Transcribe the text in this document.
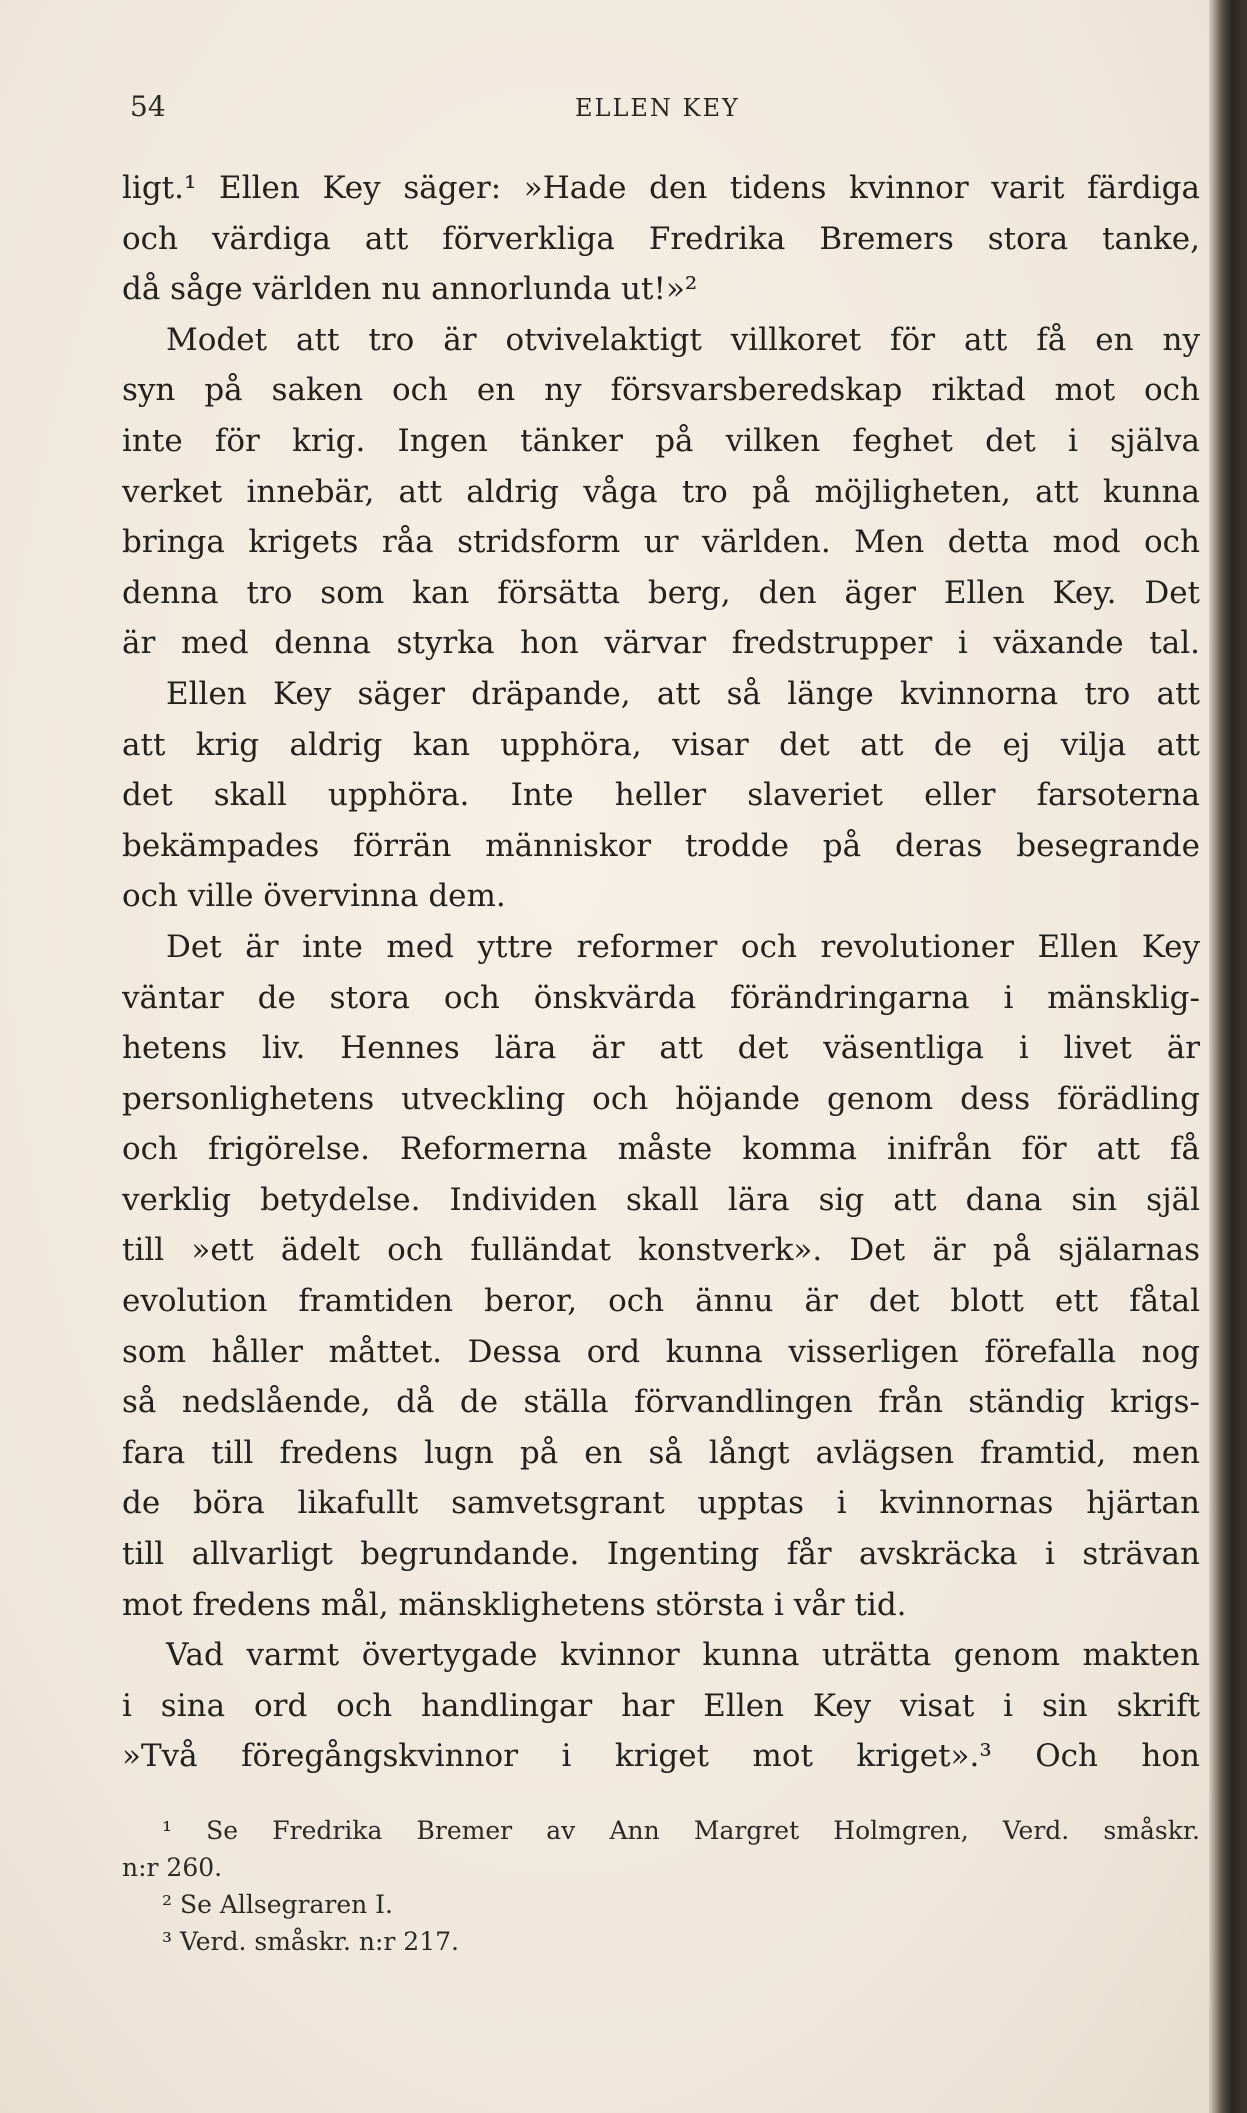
54	ELLEN KEY
ligt.¹ Ellen Key säger: »Hade den tidens kvinnor varit färdiga
och värdiga att förverkliga Fredrika Bremers stora tanke,
då såge världen nu annorlunda ut!»²
Modet att tro är otvivelaktigt villkoret för att få en ny
syn på saken och en ny försvarsberedskap riktad mot och
inte för krig. Ingen tänker på vilken feghet det i själva
verket innebär, att aldrig våga tro på möjligheten, att kunna
bringa krigets råa stridsform ur världen. Men detta mod och
denna tro som kan försätta berg, den äger Ellen Key. Det
är med denna styrka hon värvar fredstrupper i växande tal.
Ellen Key säger dräpande, att så länge kvinnorna tro att
att krig aldrig kan upphöra, visar det att de ej vilja att
det skall upphöra. Inte heller slaveriet eller farsoterna
bekämpades förrän människor trodde på deras besegrande
och ville övervinna dem.
Det är inte med yttre reformer och revolutioner Ellen Key
väntar de stora och önskvärda förändringarna i mänsklig-
hetens liv. Hennes lära är att det väsentliga i livet är
personlighetens utveckling och höjande genom dess förädling
och frigörelse. Reformerna måste komma inifrån för att få
verklig betydelse. Individen skall lära sig att dana sin själ
till »ett ädelt och fulländat konstverk». Det är på själarnas
evolution framtiden beror, och ännu är det blott ett fåtal
som håller måttet. Dessa ord kunna visserligen förefalla nog
så nedslående, då de ställa förvandlingen från ständig krigs-
fara till fredens lugn på en så långt avlägsen framtid, men
de böra likafullt samvetsgrant upptas i kvinnornas hjärtan
till allvarligt begrundande. Ingenting får avskräcka i strävan
mot fredens mål, mänsklighetens största i vår tid.
Vad varmt övertygade kvinnor kunna uträtta genom makten
i sina ord och handlingar har Ellen Key visat i sin skrift
»Två föregångskvinnor i kriget mot kriget».³ Och hon
¹ Se Fredrika Bremer av Ann Margret Holmgren, Verd. småskr.
n:r 260.
² Se Allsegraren I.
³ Verd. småskr. n:r 217.
